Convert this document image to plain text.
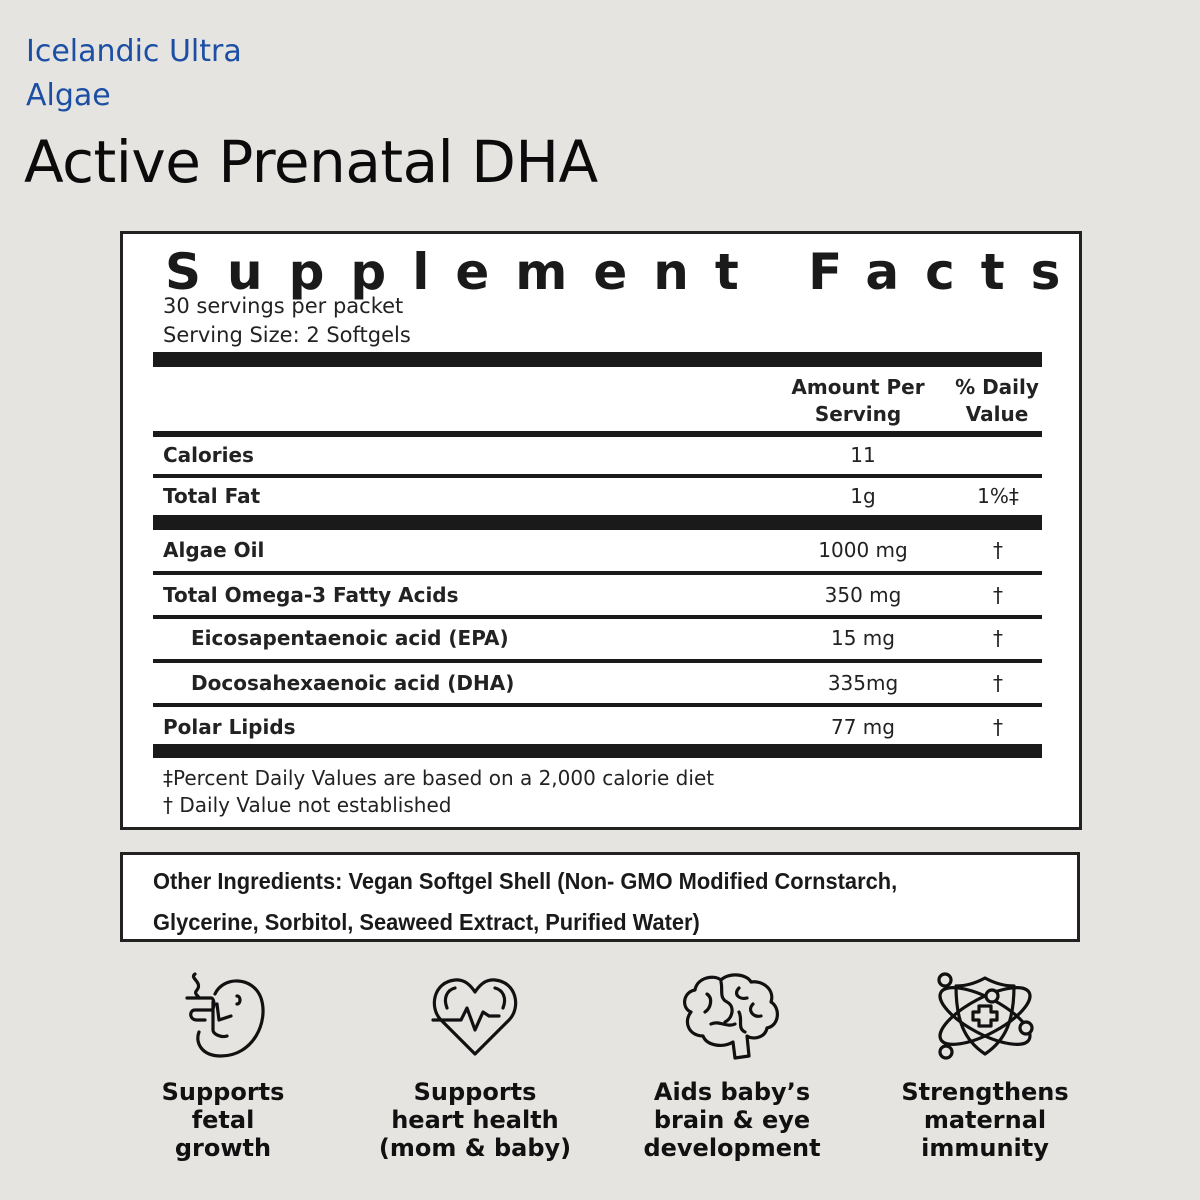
Icelandic Ultra Algae
Active Prenatal DHA
Supplement Facts
30 servings per packet
Serving Size: 2 Softgels
Amount Per
Serving
% Daily
Value
Calories	11
Total Fat	1g	1%‡
Algae Oil	1000 mg	†
Total Omega-3 Fatty Acids	350 mg	†
Eicosapentaenoic acid (EPA)	15 mg	†
Docosahexaenoic acid (DHA)	335mg	†
Polar Lipids	77 mg	†
‡Percent Daily Values are based on a 2,000 calorie diet
† Daily Value not established
Other Ingredients: Vegan Softgel Shell (Non- GMO Modified Cornstarch, Glycerine, Sorbitol, Seaweed Extract, Purified Water)
Supports
fetal
growth
Supports
heart health
(mom & baby)
Aids baby’s
brain & eye
development
Strengthens
maternal
immunity
